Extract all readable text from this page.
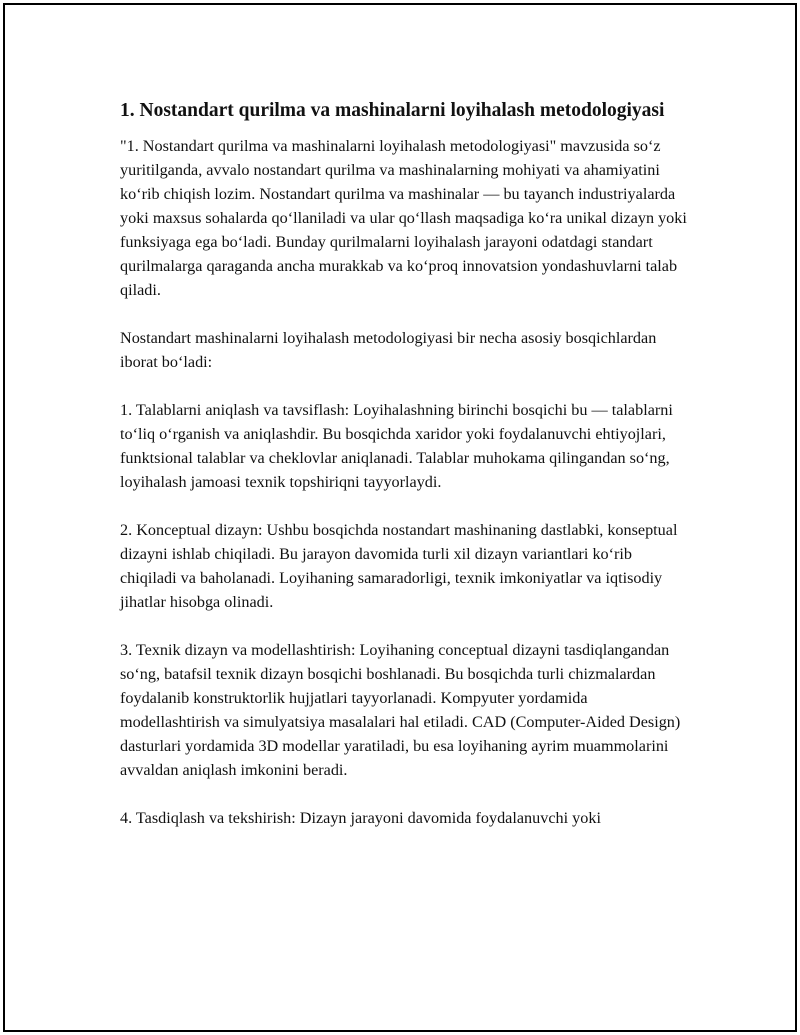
1. Nostandart qurilma va mashinalarni loyihalash metodologiyasi

"1. Nostandart qurilma va mashinalarni loyihalash metodologiyasi" mavzusida so‘z yuritilganda, avvalo nostandart qurilma va mashinalarning mohiyati va ahamiyatini ko‘rib chiqish lozim. Nostandart qurilma va mashinalar — bu tayanch industriyalarda yoki maxsus sohalarda qo‘llaniladi va ular qo‘llash maqsadiga ko‘ra unikal dizayn yoki funksiyaga ega bo‘ladi. Bunday qurilmalarni loyihalash jarayoni odatdagi standart qurilmalarga qaraganda ancha murakkab va ko‘proq innovatsion yondashuvlarni talab qiladi.

Nostandart mashinalarni loyihalash metodologiyasi bir necha asosiy bosqichlardan iborat bo‘ladi:

1. Talablarni aniqlash va tavsiflash: Loyihalashning birinchi bosqichi bu — talablarni to‘liq o‘rganish va aniqlashdir. Bu bosqichda xaridor yoki foydalanuvchi ehtiyojlari, funktsional talablar va cheklovlar aniqlanadi. Talablar muhokama qilingandan so‘ng, loyihalash jamoasi texnik topshiriqni tayyorlaydi.

2. Konceptual dizayn: Ushbu bosqichda nostandart mashinaning dastlabki, konseptual dizayni ishlab chiqiladi. Bu jarayon davomida turli xil dizayn variantlari ko‘rib chiqiladi va baholanadi. Loyihaning samaradorligi, texnik imkoniyatlar va iqtisodiy jihatlar hisobga olinadi.

3. Texnik dizayn va modellashtirish: Loyihaning conceptual dizayni tasdiqlangandan so‘ng, batafsil texnik dizayn bosqichi boshlanadi. Bu bosqichda turli chizmalardan foydalanib konstruktorlik hujjatlari tayyorlanadi. Kompyuter yordamida modellashtirish va simulyatsiya masalalari hal etiladi. CAD (Computer-Aided Design) dasturlari yordamida 3D modellar yaratiladi, bu esa loyihaning ayrim muammolarini avvaldan aniqlash imkonini beradi.

4. Tasdiqlash va tekshirish: Dizayn jarayoni davomida foydalanuvchi yoki
